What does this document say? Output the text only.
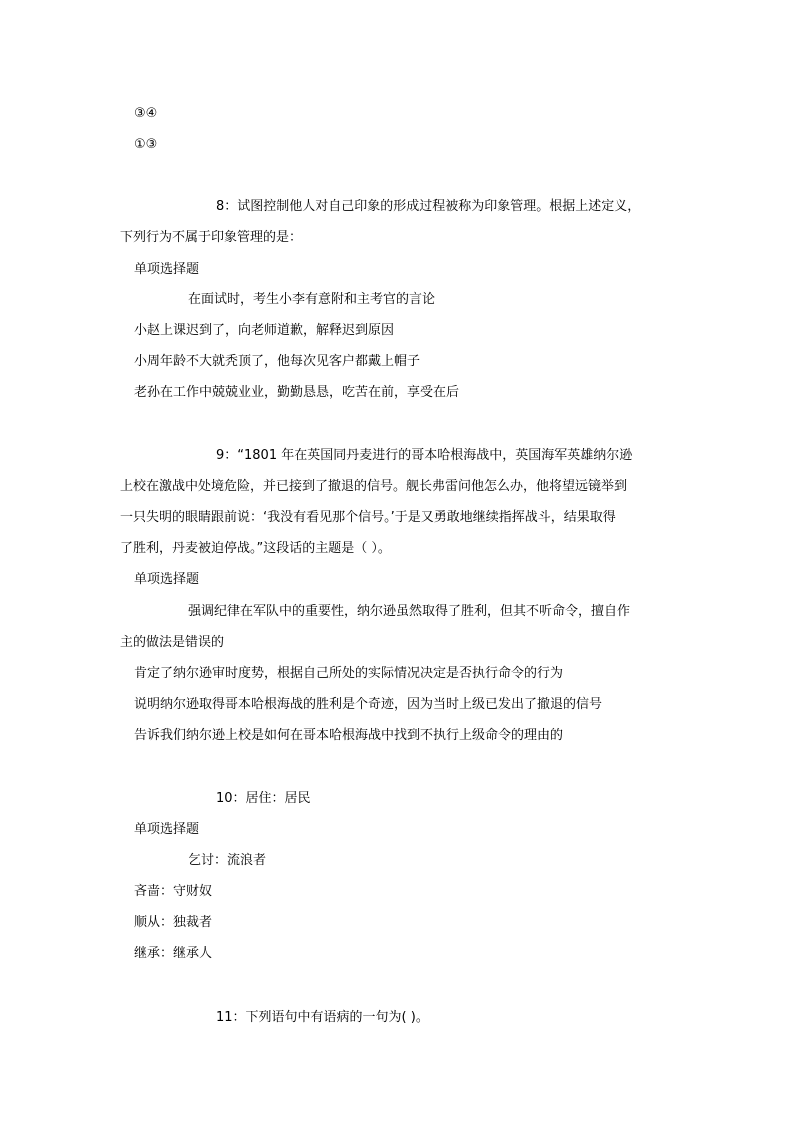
③④
①③
8：试图控制他人对自己印象的形成过程被称为印象管理。根据上述定义，
下列行为不属于印象管理的是：
单项选择题
在面试时，考生小李有意附和主考官的言论
小赵上课迟到了，向老师道歉，解释迟到原因
小周年龄不大就秃顶了，他每次见客户都戴上帽子
老孙在工作中兢兢业业，勤勤恳恳，吃苦在前，享受在后
9：“1801 年在英国同丹麦进行的哥本哈根海战中，英国海军英雄纳尔逊
上校在激战中处境危险，并已接到了撤退的信号。舰长弗雷问他怎么办，他将望远镜举到
一只失明的眼睛跟前说：‘我没有看见那个信号。’于是又勇敢地继续指挥战斗，结果取得
了胜利，丹麦被迫停战。”这段话的主题是（ ）。
单项选择题
强调纪律在军队中的重要性，纳尔逊虽然取得了胜利，但其不听命令，擅自作
主的做法是错误的
肯定了纳尔逊审时度势，根据自己所处的实际情况决定是否执行命令的行为
说明纳尔逊取得哥本哈根海战的胜利是个奇迹，因为当时上级已发出了撤退的信号
告诉我们纳尔逊上校是如何在哥本哈根海战中找到不执行上级命令的理由的
10：居住：居民
单项选择题
乞讨：流浪者
吝啬：守财奴
顺从：独裁者
继承：继承人
11：下列语句中有语病的一句为( )。
